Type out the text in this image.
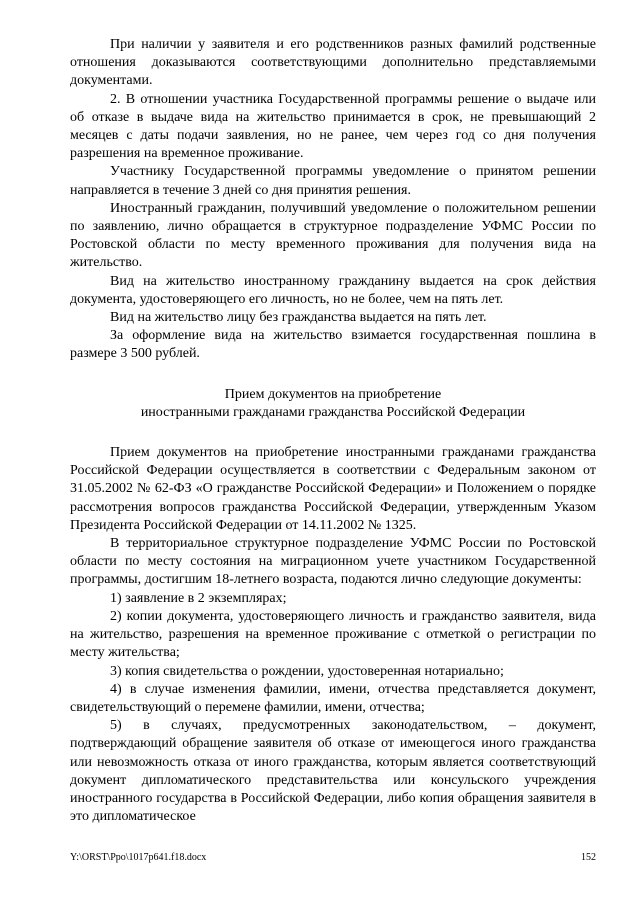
При наличии у заявителя и его родственников разных фамилий родственные отношения доказываются соответствующими дополнительно представляемыми документами.

2. В отношении участника Государственной программы решение о выдаче или об отказе в выдаче вида на жительство принимается в срок, не превышающий 2 месяцев с даты подачи заявления, но не ранее, чем через год со дня получения разрешения на временное проживание.

Участнику Государственной программы уведомление о принятом решении направляется в течение 3 дней со дня принятия решения.

Иностранный гражданин, получивший уведомление о положительном решении по заявлению, лично обращается в структурное подразделение УФМС России по Ростовской области по месту временного проживания для получения вида на жительство.

Вид на жительство иностранному гражданину выдается на срок действия документа, удостоверяющего его личность, но не более, чем на пять лет.

Вид на жительство лицу без гражданства выдается на пять лет.

За оформление вида на жительство взимается государственная пошлина в размере 3 500 рублей.

Прием документов на приобретение
иностранными гражданами гражданства Российской Федерации

Прием документов на приобретение иностранными гражданами гражданства Российской Федерации осуществляется в соответствии с Федеральным законом от 31.05.2002 № 62-ФЗ «О гражданстве Российской Федерации» и Положением о порядке рассмотрения вопросов гражданства Российской Федерации, утвержденным Указом Президента Российской Федерации от 14.11.2002 № 1325.

В территориальное структурное подразделение УФМС России по Ростовской области по месту состояния на миграционном учете участником Государственной программы, достигшим 18-летнего возраста, подаются лично следующие документы:

1) заявление в 2 экземплярах;

2) копии документа, удостоверяющего личность и гражданство заявителя, вида на жительство, разрешения на временное проживание с отметкой о регистрации по месту жительства;

3) копия свидетельства о рождении, удостоверенная нотариально;

4) в случае изменения фамилии, имени, отчества представляется документ, свидетельствующий о перемене фамилии, имени, отчества;

5) в случаях, предусмотренных законодательством, – документ, подтверждающий обращение заявителя об отказе от имеющегося иного гражданства или невозможность отказа от иного гражданства, которым является соответствующий документ дипломатического представительства или консульского учреждения иностранного государства в Российской Федерации, либо копия обращения заявителя в это дипломатическое

Y:\ORST\Ppo\1017p641.f18.docx	152
